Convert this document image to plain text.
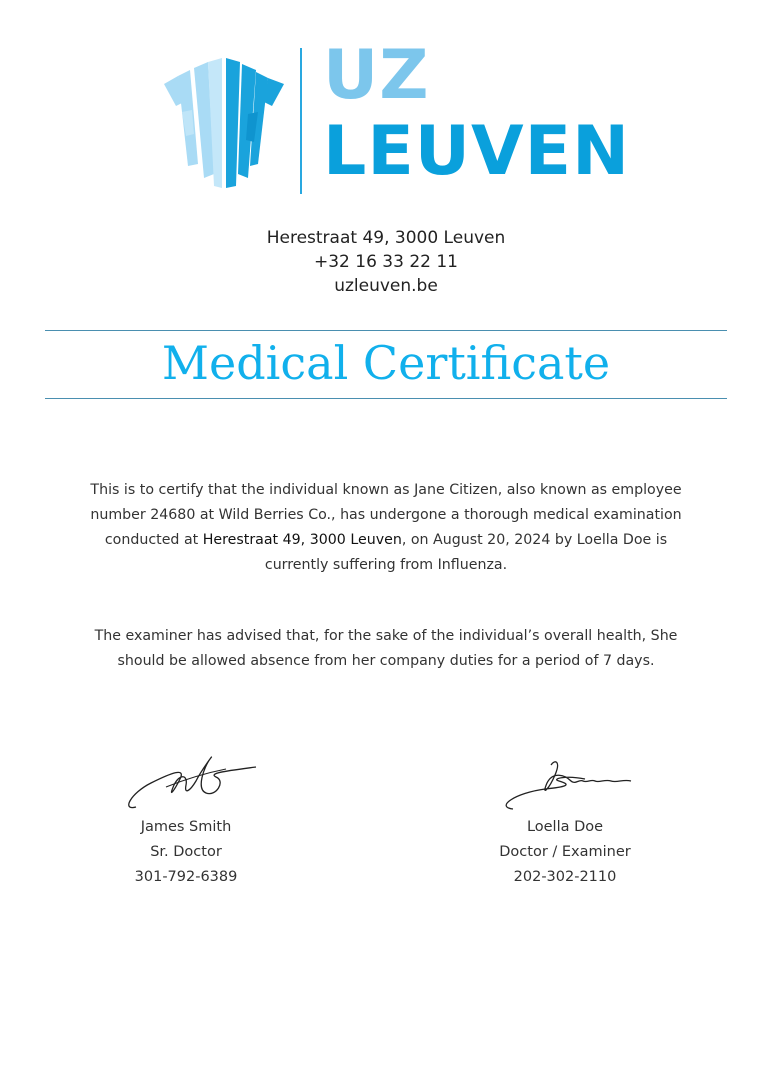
UZ
LEUVEN
Herestraat 49, 3000 Leuven
+32 16 33 22 11
uzleuven.be
Medical Certificate
This is to certify that the individual known as Jane Citizen, also known as employee number 24680 at Wild Berries Co., has undergone a thorough medical examination conducted at Herestraat 49, 3000 Leuven, on August 20, 2024 by Loella Doe is currently suffering from Influenza.
The examiner has advised that, for the sake of the individual’s overall health, She should be allowed absence from her company duties for a period of 7 days.
James Smith
Sr. Doctor
301-792-6389
Loella Doe
Doctor / Examiner
202-302-2110
